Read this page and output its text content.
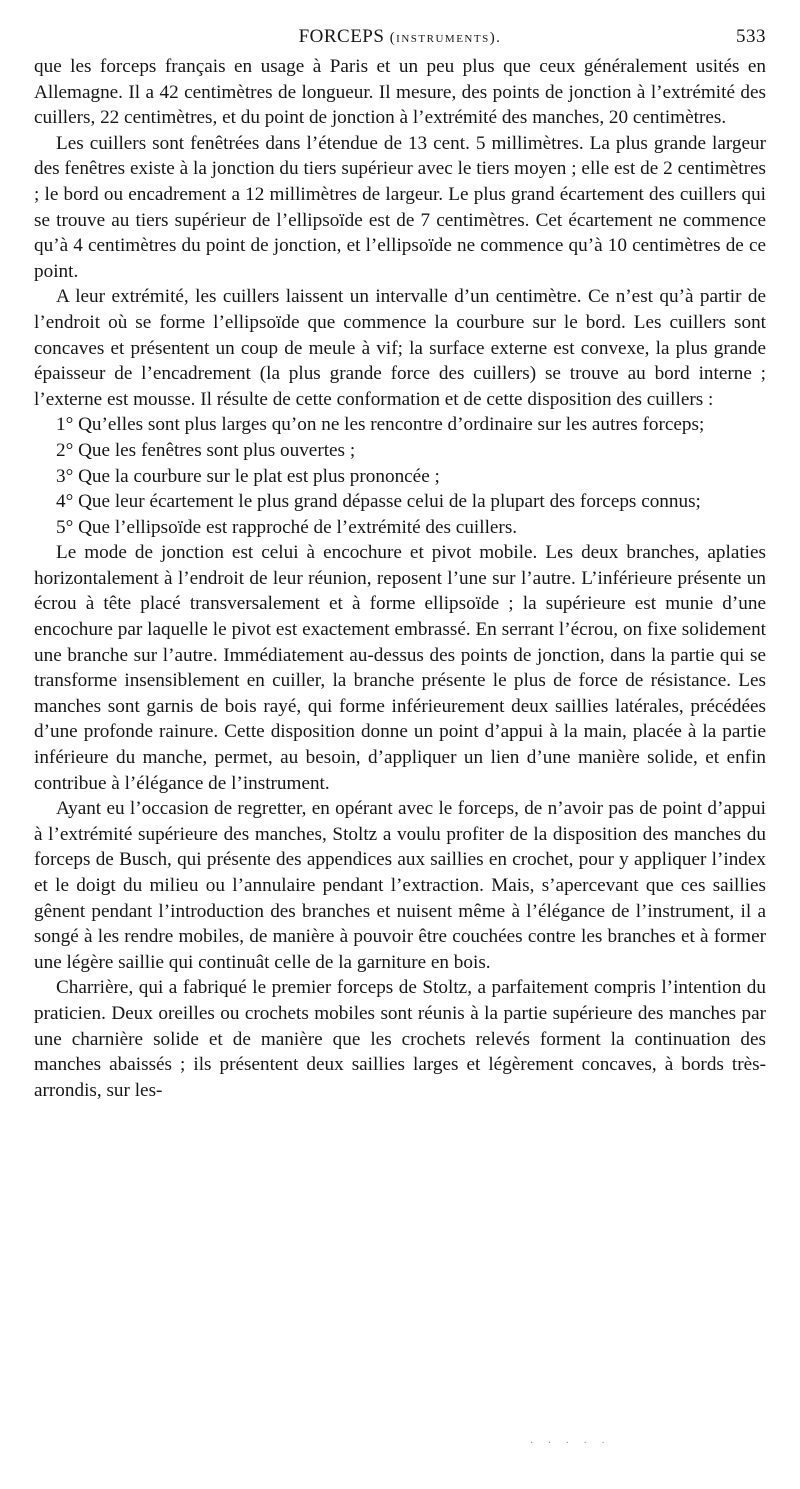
FORCEPS (instruments).	533

que les forceps français en usage à Paris et un peu plus que ceux généralement usités en Allemagne. Il a 42 centimètres de longueur. Il mesure, des points de jonction à l’extrémité des cuillers, 22 centimètres, et du point de jonction à l’extrémité des manches, 20 centimètres.

Les cuillers sont fenêtrées dans l’étendue de 13 cent. 5 millimètres. La plus grande largeur des fenêtres existe à la jonction du tiers supérieur avec le tiers moyen ; elle est de 2 centimètres ; le bord ou encadrement a 12 millimètres de largeur. Le plus grand écartement des cuillers qui se trouve au tiers supérieur de l’ellipsoïde est de 7 centimètres. Cet écartement ne commence qu’à 4 centimètres du point de jonction, et l’ellipsoïde ne commence qu’à 10 centimètres de ce point.

A leur extrémité, les cuillers laissent un intervalle d’un centimètre. Ce n’est qu’à partir de l’endroit où se forme l’ellipsoïde que commence la courbure sur le bord. Les cuillers sont concaves et présentent un coup de meule à vif; la surface externe est convexe, la plus grande épaisseur de l’encadrement (la plus grande force des cuillers) se trouve au bord interne ; l’externe est mousse. Il résulte de cette conformation et de cette disposition des cuillers :

1° Qu’elles sont plus larges qu’on ne les rencontre d’ordinaire sur les autres forceps;

2° Que les fenêtres sont plus ouvertes ;

3° Que la courbure sur le plat est plus prononcée ;

4° Que leur écartement le plus grand dépasse celui de la plupart des forceps connus;

5° Que l’ellipsoïde est rapproché de l’extrémité des cuillers.

Le mode de jonction est celui à encochure et pivot mobile. Les deux branches, aplaties horizontalement à l’endroit de leur réunion, reposent l’une sur l’autre. L’inférieure présente un écrou à tête placé transversalement et à forme ellipsoïde ; la supérieure est munie d’une encochure par laquelle le pivot est exactement embrassé. En serrant l’écrou, on fixe solidement une branche sur l’autre. Immédiatement au-dessus des points de jonction, dans la partie qui se transforme insensiblement en cuiller, la branche présente le plus de force de résistance. Les manches sont garnis de bois rayé, qui forme inférieurement deux saillies latérales, précédées d’une profonde rainure. Cette disposition donne un point d’appui à la main, placée à la partie inférieure du manche, permet, au besoin, d’appliquer un lien d’une manière solide, et enfin contribue à l’élégance de l’instrument.

Ayant eu l’occasion de regretter, en opérant avec le forceps, de n’avoir pas de point d’appui à l’extrémité supérieure des manches, Stoltz a voulu profiter de la disposition des manches du forceps de Busch, qui présente des appendices aux saillies en crochet, pour y appliquer l’index et le doigt du milieu ou l’annulaire pendant l’extraction. Mais, s’apercevant que ces saillies gênent pendant l’introduction des branches et nuisent même à l’élégance de l’instrument, il a songé à les rendre mobiles, de manière à pouvoir être couchées contre les branches et à former une légère saillie qui continuât celle de la garniture en bois.

Charrière, qui a fabriqué le premier forceps de Stoltz, a parfaitement compris l’intention du praticien. Deux oreilles ou crochets mobiles sont réunis à la partie supérieure des manches par une charnière solide et de manière que les crochets relevés forment la continuation des manches abaissés ; ils présentent deux saillies larges et légèrement concaves, à bords très-arrondis, sur les-

· · · · ·
